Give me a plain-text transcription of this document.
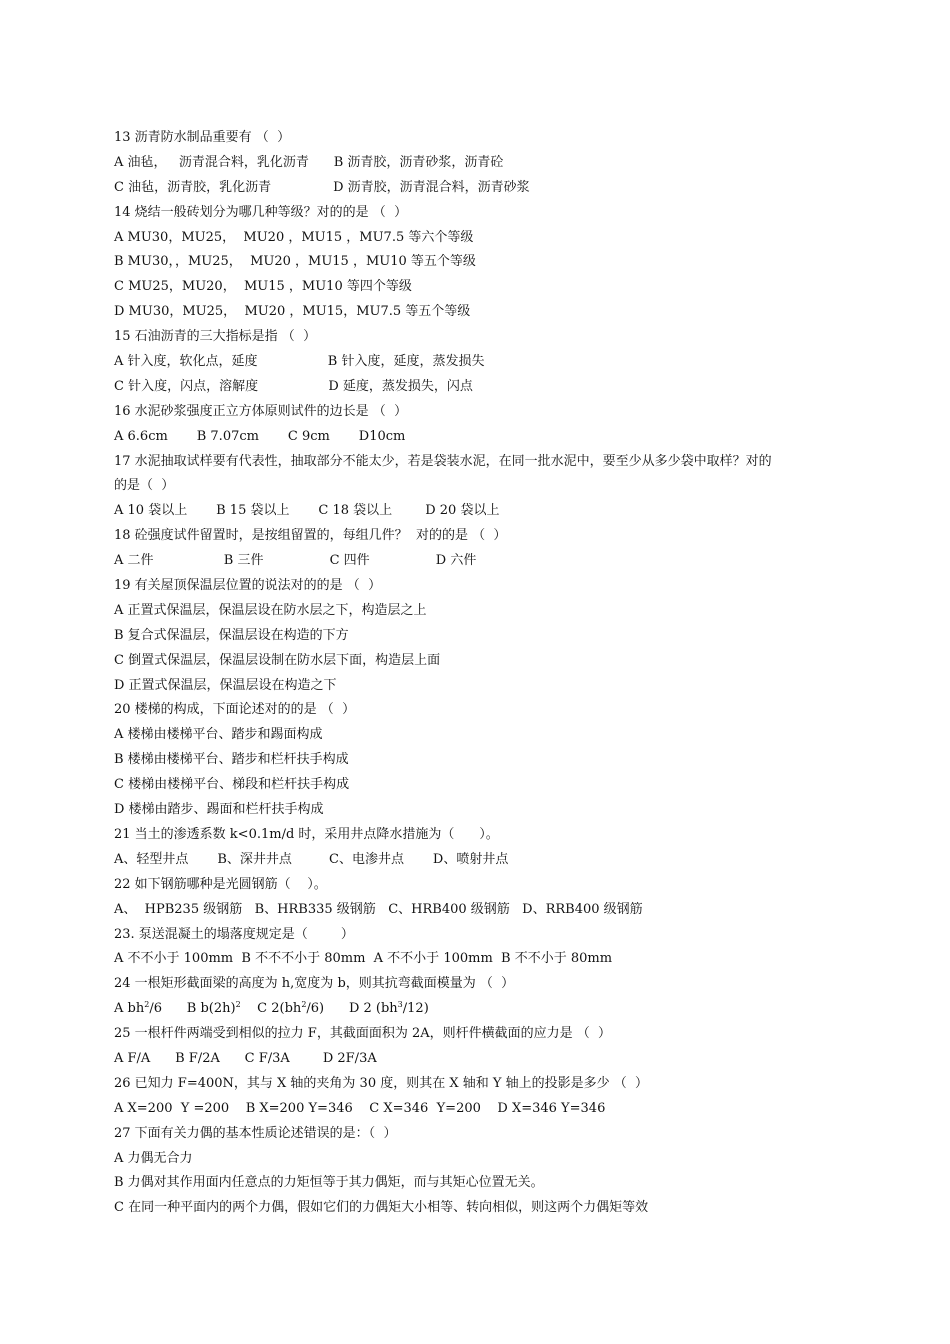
13 沥青防水制品重要有 （  ）
A 油毡，   沥青混合料，乳化沥青      B 沥青胶，沥青砂浆，沥青砼
C 油毡，沥青胶，乳化沥青               D 沥青胶，沥青混合料，沥青砂浆
14 烧结一般砖划分为哪几种等级？对的的是 （  ）
A MU30，MU25，  MU20 ，MU15 ，MU7.5 等六个等级
B MU30，，MU25，  MU20 ，MU15 ，MU10 等五个等级
C MU25，MU20，  MU15 ，MU10 等四个等级
D MU30，MU25，  MU20 ，MU15，MU7.5 等五个等级
15 石油沥青的三大指标是指 （  ）
A 针入度，软化点，延度                 B 针入度，延度，蒸发损失
C 针入度，闪点，溶解度                 D 延度，蒸发损失，闪点
16 水泥砂浆强度正立方体原则试件的边长是 （  ）
A 6.6cm       B 7.07cm       C 9cm       D10cm
17 水泥抽取试样要有代表性，抽取部分不能太少，若是袋装水泥，在同一批水泥中，要至少从多少袋中取样？对的
的是（  ）
A 10 袋以上       B 15 袋以上       C 18 袋以上        D 20 袋以上
18 砼强度试件留置时，是按组留置的，每组几件？  对的的是 （  ）
A 二件                 B 三件                C 四件                D 六件
19 有关屋顶保温层位置的说法对的的是 （  ）
A 正置式保温层，保温层设在防水层之下，构造层之上
B 复合式保温层，保温层设在构造的下方
C 倒置式保温层，保温层设制在防水层下面，构造层上面
D 正置式保温层，保温层设在构造之下
20 楼梯的构成，下面论述对的的是 （  ）
A 楼梯由楼梯平台、踏步和踢面构成
B 楼梯由楼梯平台、踏步和栏杆扶手构成
C 楼梯由楼梯平台、梯段和栏杆扶手构成
D 楼梯由踏步、踢面和栏杆扶手构成
21 当土的渗透系数 k<0.1m/d 时，采用井点降水措施为（      ）。
A、轻型井点       B、深井井点         C、电渗井点       D、喷射井点
22 如下钢筋哪种是光圆钢筋（    ）。
A、  HPB235 级钢筋   B、HRB335 级钢筋   C、HRB400 级钢筋   D、RRB400 级钢筋
23. 泵送混凝土的塌落度规定是（        ）
A 不不小于 100mm  B 不不不小于 80mm  A 不不小于 100mm  B 不不小于 80mm
24 一根矩形截面梁的高度为 h,宽度为 b，则其抗弯截面模量为 （  ）
A $bh^2/6$      B $b(2h)^2$    C $2(bh^2/6)$      D 2 $(bh^3/12)$
25 一根杆件两端受到相似的拉力 F，其截面面积为 2A，则杆件横截面的应力是 （  ）
A F/A      B F/2A      C F/3A        D 2F/3A
26 已知力 F=400N，其与 X 轴的夹角为 30 度，则其在 X 轴和 Y 轴上的投影是多少 （  ）
A X=200  Y =200    B X=200 Y=346    C X=346  Y=200    D X=346 Y=346
27 下面有关力偶的基本性质论述错误的是：（  ）
A 力偶无合力
B 力偶对其作用面内任意点的力矩恒等于其力偶矩，而与其矩心位置无关。
C 在同一种平面内的两个力偶，假如它们的力偶矩大小相等、转向相似，则这两个力偶矩等效
